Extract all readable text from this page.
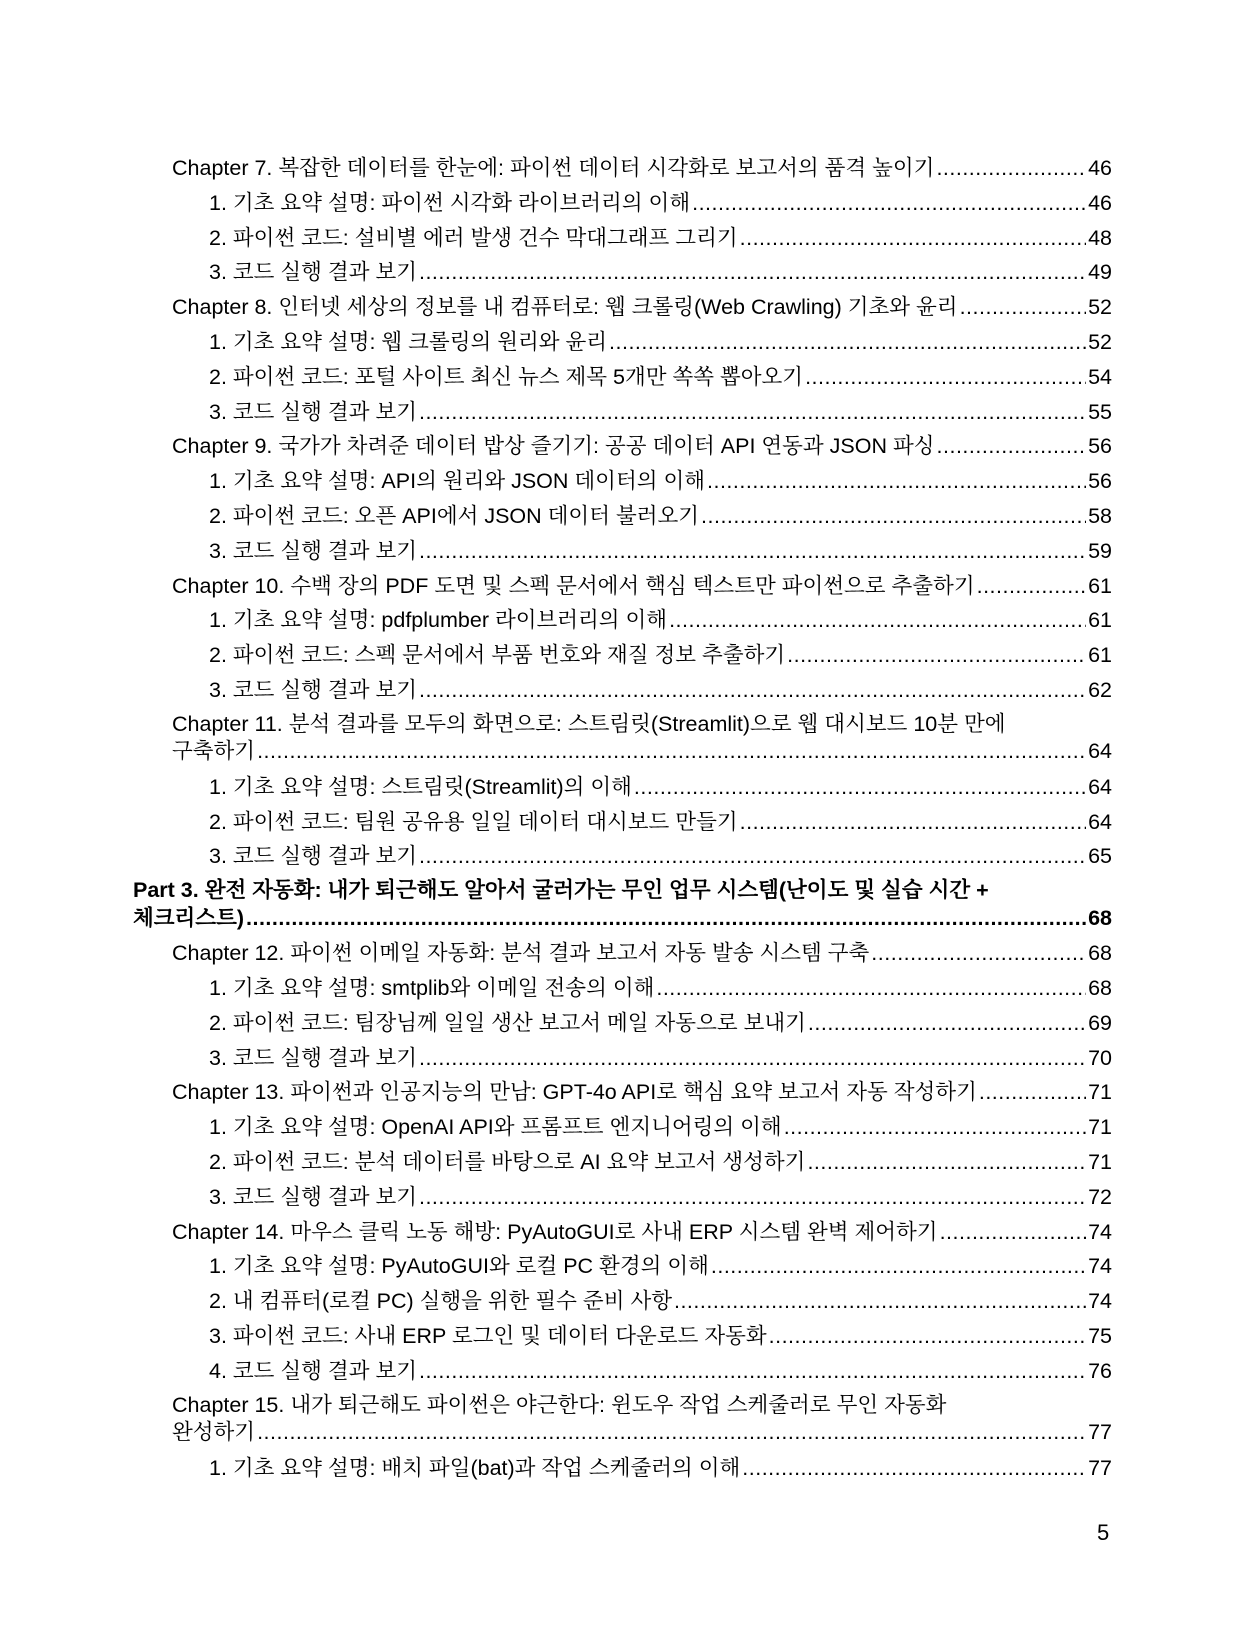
Chapter 7. 복잡한 데이터를 한눈에: 파이썬 데이터 시각화로 보고서의 품격 높이기 .....	46
1. 기초 요약 설명: 파이썬 시각화 라이브러리의 이해 .....	46
2. 파이썬 코드: 설비별 에러 발생 건수 막대그래프 그리기 .....	48
3. 코드 실행 결과 보기 .....	49
Chapter 8. 인터넷 세상의 정보를 내 컴퓨터로: 웹 크롤링(Web Crawling) 기초와 윤리 .....	52
1. 기초 요약 설명: 웹 크롤링의 원리와 윤리 .....	52
2. 파이썬 코드: 포털 사이트 최신 뉴스 제목 5개만 쏙쏙 뽑아오기 .....	54
3. 코드 실행 결과 보기 .....	55
Chapter 9. 국가가 차려준 데이터 밥상 즐기기: 공공 데이터 API 연동과 JSON 파싱 .....	56
1. 기초 요약 설명: API의 원리와 JSON 데이터의 이해 .....	56
2. 파이썬 코드: 오픈 API에서 JSON 데이터 불러오기 .....	58
3. 코드 실행 결과 보기 .....	59
Chapter 10. 수백 장의 PDF 도면 및 스펙 문서에서 핵심 텍스트만 파이썬으로 추출하기 .....	61
1. 기초 요약 설명: pdfplumber 라이브러리의 이해 .....	61
2. 파이썬 코드: 스펙 문서에서 부품 번호와 재질 정보 추출하기 .....	61
3. 코드 실행 결과 보기 .....	62
Chapter 11. 분석 결과를 모두의 화면으로: 스트림릿(Streamlit)으로 웹 대시보드 10분 만에
구축하기 .....	64
1. 기초 요약 설명: 스트림릿(Streamlit)의 이해 .....	64
2. 파이썬 코드: 팀원 공유용 일일 데이터 대시보드 만들기 .....	64
3. 코드 실행 결과 보기 .....	65
Part 3. 완전 자동화: 내가 퇴근해도 알아서 굴러가는 무인 업무 시스템(난이도 및 실습 시간 +
체크리스트) .....	68
Chapter 12. 파이썬 이메일 자동화: 분석 결과 보고서 자동 발송 시스템 구축 .....	68
1. 기초 요약 설명: smtplib와 이메일 전송의 이해 .....	68
2. 파이썬 코드: 팀장님께 일일 생산 보고서 메일 자동으로 보내기 .....	69
3. 코드 실행 결과 보기 .....	70
Chapter 13. 파이썬과 인공지능의 만남: GPT-4o API로 핵심 요약 보고서 자동 작성하기 .....	71
1. 기초 요약 설명: OpenAI API와 프롬프트 엔지니어링의 이해 .....	71
2. 파이썬 코드: 분석 데이터를 바탕으로 AI 요약 보고서 생성하기 .....	71
3. 코드 실행 결과 보기 .....	72
Chapter 14. 마우스 클릭 노동 해방: PyAutoGUI로 사내 ERP 시스템 완벽 제어하기 .....	74
1. 기초 요약 설명: PyAutoGUI와 로컬 PC 환경의 이해 .....	74
2. 내 컴퓨터(로컬 PC) 실행을 위한 필수 준비 사항 .....	74
3. 파이썬 코드: 사내 ERP 로그인 및 데이터 다운로드 자동화 .....	75
4. 코드 실행 결과 보기 .....	76
Chapter 15. 내가 퇴근해도 파이썬은 야근한다: 윈도우 작업 스케줄러로 무인 자동화
완성하기 .....	77
1. 기초 요약 설명: 배치 파일(bat)과 작업 스케줄러의 이해 .....	77
5
